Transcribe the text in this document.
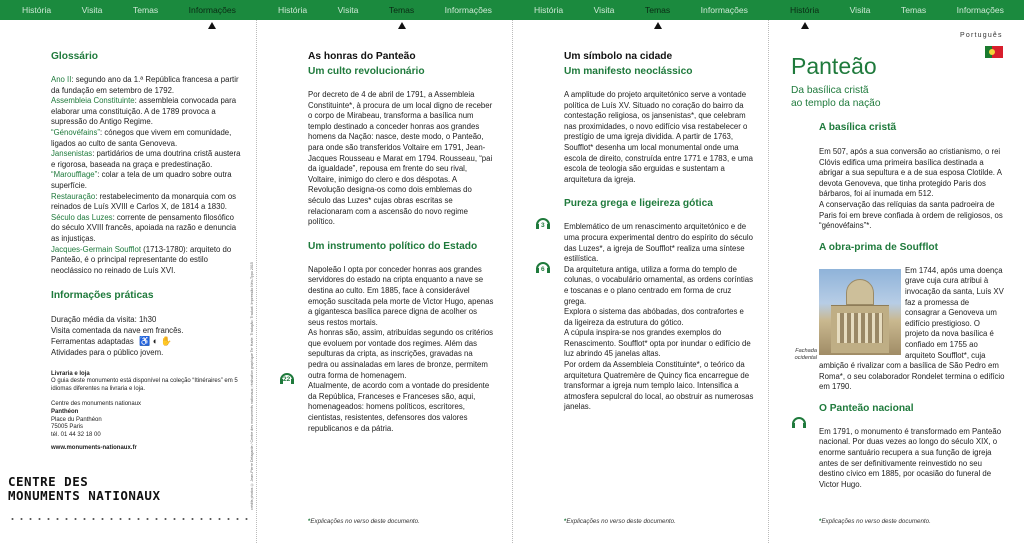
História	Visita	Temas	Informações	História	Visita	Temas	Informações	História	Visita	Temas	Informações	História	Visita	Temas	Informações
Glossário
Ano II: segundo ano da 1.ª República francesa a partir da fundação em setembro de 1792.
Assembleia Constituinte: assembleia convocada para elaborar uma constituição. A de 1789 provoca a supressão do Antigo Regime.
“Génovéfains”: cónegos que vivem em comunidade, ligados ao culto de santa Genoveva.
Jansenistas: partidários de uma doutrina cristã austera e rigorosa, baseada na graça e predestinação.
“Maroufflage”: colar a tela de um quadro sobre outra superfície.
Restauração: restabelecimento da monarquia com os reinados de Luís XVIII e Carlos X, de 1814 a 1830.
Século das Luzes: corrente de pensamento filosófico do século XVIII francês, apoiada na razão e denuncia as injustiças.
Jacques-Germain Soufflot (1713-1780): arquiteto do Panteão, é o principal representante do estilo neoclássico no reinado de Luís XVI.
Informações práticas
Duração média da visita: 1h30
Visita comentada da nave em francês.
Ferramentas adaptadas ♿ ◐ ✋
Atividades para o público jovem.
Livraria e loja
O guia deste monumento está disponível na coleção “Itinéraires” em 5 idiomas diferentes na livraria e loja.
Centre des monuments nationaux
Panthéon
Place du Panthéon
75005 Paris
tél. 01 44 32 18 00
www.monuments-nationaux.fr
CENTRE DES
MONUMENTS NATIONAUX	crédits photos © Jean-Pierre Delagarde / Centre des monuments nationaux; réalisation graphique Ter Harte. Tradução: Traduct. Impressão Néo-Typo 2015
As honras do Panteão
Um culto revolucionário

Por decreto de 4 de abril de 1791, a Assembleia Constituinte*, à procura de um local digno de receber o corpo de Mirabeau, transforma a basílica num templo destinado a conceder honras aos grandes homens da Nação: nasce, deste modo, o Panteão, para onde são transferidos Voltaire em 1791, Jean-Jacques Rousseau e Marat em 1794. Rousseau, “pai da igualdade”, repousa em frente do seu rival, Voltaire, inimigo do clero e dos déspotas. A Revolução designa-os como dois emblemas do século das Luzes* cujas obras escritas se relacionaram com a ascensão do novo regime político.

Um instrumento político do Estado

Napoleão I opta por conceder honras aos grandes servidores do estado na cripta enquanto a nave se destina ao culto. Em 1885, face à considerável emoção suscitada pela morte de Victor Hugo, apenas a gigantesca basílica parece digna de acolher os seus restos mortais.

As honras são, assim, atribuídas segundo os critérios que evoluem por vontade dos regimes. Além das sepulturas da cripta, as inscrições, gravadas na pedra ou assinaladas em lares de bronze, permitem outra forma de homenagem.

Atualmente, de acordo com a vontade do presidente da República, Franceses e Franceses são, aqui, homenageados: homens políticos, escritores, cientistas, resistentes, defensores dos valores republicanos e da pátria.

22
*Explicações no verso deste documento.
Um símbolo na cidade
Um manifesto neoclássico

A amplitude do projeto arquitetónico serve a vontade política de Luís XV. Situado no coração do bairro da contestação religiosa, os jansenistas*, que celebram nas proximidades, o novo edifício visa restabelecer o prestígio de uma igreja dividida. A partir de 1763, Soufflot* desenha um local monumental onde uma escola de direito, construída entre 1771 e 1783, e uma escola de teologia são erguidas e sustentam a arquitetura da igreja.

Pureza grega e ligeireza gótica

Emblemático de um renascimento arquitetónico e de uma procura experimental dentro do espírito do século das Luzes*, a igreja de Soufflot* realiza uma síntese estilística.

Da arquitetura antiga, utiliza a forma do templo de colunas, o vocabulário ornamental, as ordens coríntias e toscanas e o plano centrado em forma de cruz grega.

Explora o sistema das abóbadas, dos contrafortes e da ligeireza da estrutura do gótico.

A cúpula inspira-se nos grandes exemplos do Renascimento. Soufflot* opta por inundar o edifício de luz abrindo 45 janelas altas.

Por ordem da Assembleia Constituinte*, o teórico da arquitetura Quatremère de Quincy fica encarregue de transformar a igreja num templo laico. Intensifica a atmosfera sepulcral do local, ao obstruir as numerosas janelas.

3
6
*Explicações no verso deste documento.
Português
Panteão
Da basílica cristã
ao templo da nação
A basílica cristã

Em 507, após a sua conversão ao cristianismo, o rei Clóvis edifica uma primeira basílica destinada a abrigar a sua sepultura e a de sua esposa Clotilde. A devota Genoveva, que tinha protegido Paris dos bárbaros, foi aí inumada em 512.

A conservação das relíquias da santa padroeira de Paris foi em breve confiada à ordem de religiosos, os “génovéfains”*.

A obra-prima de Soufflot

Em 1744, após uma doença grave cuja cura atribui à invocação da santa, Luís XV faz a promessa de consagrar a Genoveva um edifício prestigioso. O projeto da nova basílica é confiado em 1755 ao arquiteto Soufflot*, cuja ambição é rivalizar com a basílica de São Pedro em Roma*, o seu colaborador Rondelet termina o edifício em 1790.

O Panteão nacional

Em 1791, o monumento é transformado em Panteão nacional. Por duas vezes ao longo do século XIX, o enorme santuário recupera a sua função de igreja antes de ser definitivamente reinvestido no seu destino cívico em 1885, por ocasião do funeral de Victor Hugo.

Fachada
ocidental
*Explicações no verso deste documento.
